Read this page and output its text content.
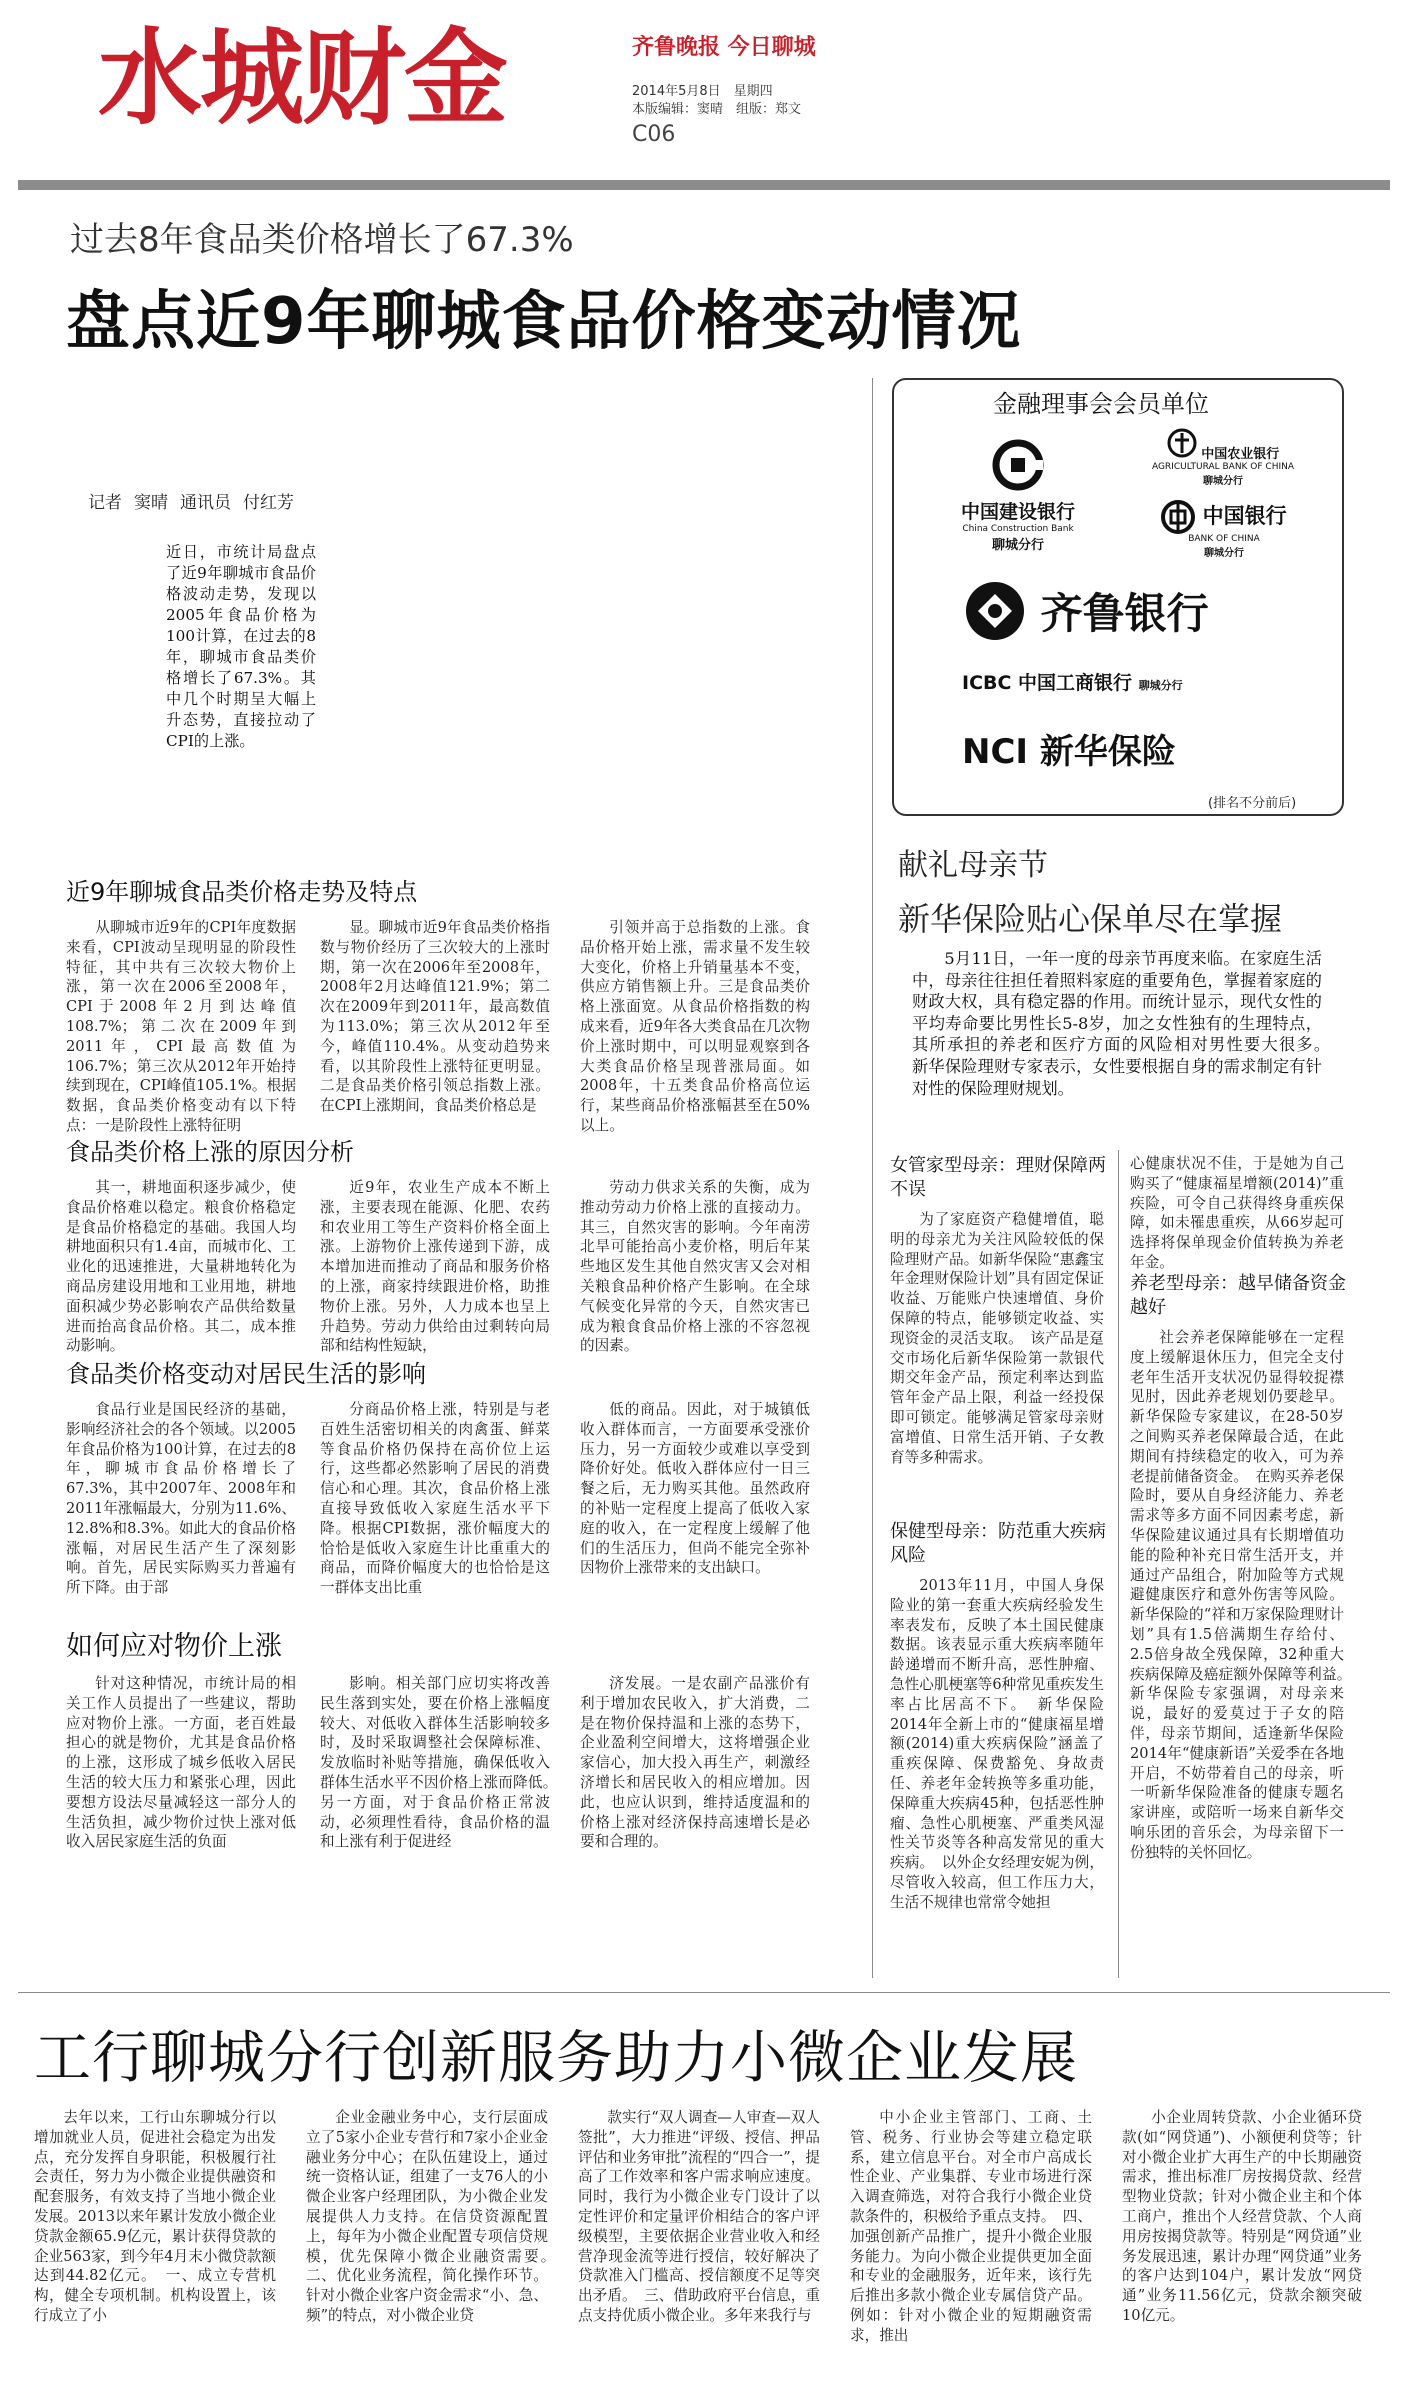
水城财金	齐鲁晚报 今日聊城
2014年5月8日　星期四
本版编辑：窦晴　组版：郑文
C06
过去8年食品类价格增长了67.3%
盘点近9年聊城食品价格变动情况
记者 窦晴 通讯员 付红芳
近日，市统计局盘点了近9年聊城市食品价格波动走势，发现以2005年食品价格为100计算，在过去的8年，聊城市食品类价格增长了67.3%。其中几个时期呈大幅上升态势，直接拉动了CPI的上涨。
金融理事会会员单位
中国农业银行
AGRICULTURAL BANK OF CHINA
聊城分行
中国建设银行
China Construction Bank
聊城分行
中国银行
BANK OF CHINA
聊城分行
齐鲁银行
ICBC 中国工商银行 聊城分行
NCI 新华保险
(排名不分前后)
近9年聊城食品类价格走势及特点
从聊城市近9年的CPI年度数据来看，CPI波动呈现明显的阶段性特征，其中共有三次较大物价上涨，第一次在2006至2008年，CPI于2008年2月到达峰值108.7%；第二次在2009年到2011年，CPI最高数值为106.7%；第三次从2012年开始持续到现在，CPI峰值105.1%。根据数据，食品类价格变动有以下特点：一是阶段性上涨特征明
显。聊城市近9年食品类价格指数与物价经历了三次较大的上涨时期，第一次在2006年至2008年，2008年2月达峰值121.9%；第二次在2009年到2011年，最高数值为113.0%；第三次从2012年至今，峰值110.4%。从变动趋势来看，以其阶段性上涨特征更明显。二是食品类价格引领总指数上涨。在CPI上涨期间，食品类价格总是
引领并高于总指数的上涨。食品价格开始上涨，需求量不发生较大变化，价格上升销量基本不变，供应方销售额上升。三是食品类价格上涨面宽。从食品价格指数的构成来看，近9年各大类食品在几次物价上涨时期中，可以明显观察到各大类食品价格呈现普涨局面。如2008年，十五类食品价格高位运行，某些商品价格涨幅甚至在50%以上。
食品类价格上涨的原因分析
其一，耕地面积逐步减少，使食品价格难以稳定。粮食价格稳定是食品价格稳定的基础。我国人均耕地面积只有1.4亩，而城市化、工业化的迅速推进，大量耕地转化为商品房建设用地和工业用地，耕地面积减少势必影响农产品供给数量进而抬高食品价格。其二，成本推动影响。
近9年，农业生产成本不断上涨，主要表现在能源、化肥、农药和农业用工等生产资料价格全面上涨。上游物价上涨传递到下游，成本增加进而推动了商品和服务价格的上涨，商家持续跟进价格，助推物价上涨。另外，人力成本也呈上升趋势。劳动力供给由过剩转向局部和结构性短缺，
劳动力供求关系的失衡，成为推动劳动力价格上涨的直接动力。其三，自然灾害的影响。今年南涝北旱可能抬高小麦价格，明后年某些地区发生其他自然灾害又会对相关粮食品种价格产生影响。在全球气候变化异常的今天，自然灾害已成为粮食食品价格上涨的不容忽视的因素。
食品类价格变动对居民生活的影响
食品行业是国民经济的基础，影响经济社会的各个领域。以2005年食品价格为100计算，在过去的8年，聊城市食品价格增长了67.3%，其中2007年、2008年和2011年涨幅最大，分别为11.6%、12.8%和8.3%。如此大的食品价格涨幅，对居民生活产生了深刻影响。首先，居民实际购买力普遍有所下降。由于部
分商品价格上涨，特别是与老百姓生活密切相关的肉禽蛋、鲜菜等食品价格仍保持在高价位上运行，这些都必然影响了居民的消费信心和心理。其次，食品价格上涨直接导致低收入家庭生活水平下降。根据CPI数据，涨价幅度大的恰恰是低收入家庭生计比重重大的商品，而降价幅度大的也恰恰是这一群体支出比重
低的商品。因此，对于城镇低收入群体而言，一方面要承受涨价压力，另一方面较少或难以享受到降价好处。低收入群体应付一日三餐之后，无力购买其他。虽然政府的补贴一定程度上提高了低收入家庭的收入，在一定程度上缓解了他们的生活压力，但尚不能完全弥补因物价上涨带来的支出缺口。
如何应对物价上涨
针对这种情况，市统计局的相关工作人员提出了一些建议，帮助应对物价上涨。一方面，老百姓最担心的就是物价，尤其是食品价格的上涨，这形成了城乡低收入居民生活的较大压力和紧张心理，因此要想方设法尽量减轻这一部分人的生活负担，减少物价过快上涨对低收入居民家庭生活的负面
影响。相关部门应切实将改善民生落到实处，要在价格上涨幅度较大、对低收入群体生活影响较多时，及时采取调整社会保障标准、发放临时补贴等措施，确保低收入群体生活水平不因价格上涨而降低。　另一方面，对于食品价格正常波动，必须理性看待，食品价格的温和上涨有利于促进经
济发展。一是农副产品涨价有利于增加农民收入，扩大消费，二是在物价保持温和上涨的态势下，企业盈利空间增大，这将增强企业家信心，加大投入再生产，刺激经济增长和居民收入的相应增加。因此，也应认识到，维持适度温和的价格上涨对经济保持高速增长是必要和合理的。
献礼母亲节
新华保险贴心保单尽在掌握
5月11日，一年一度的母亲节再度来临。在家庭生活中，母亲往往担任着照料家庭的重要角色，掌握着家庭的财政大权，具有稳定器的作用。而统计显示，现代女性的平均寿命要比男性长5-8岁，加之女性独有的生理特点，其所承担的养老和医疗方面的风险相对男性要大很多。　新华保险理财专家表示，女性要根据自身的需求制定有针对性的保险理财规划。
女管家型母亲：理财保障两不误
为了家庭资产稳健增值，聪明的母亲尤为关注风险较低的保险理财产品。如新华保险“惠鑫宝年金理财保险计划”具有固定保证收益、万能账户快速增值、身价保障的特点，能够锁定收益、实现资金的灵活支取。　该产品是趸交市场化后新华保险第一款银代期交年金产品，预定利率达到监管年金产品上限，利益一经投保即可锁定。能够满足管家母亲财富增值、日常生活开销、子女教育等多种需求。
保健型母亲：防范重大疾病风险
2013年11月，中国人身保险业的第一套重大疾病经验发生率表发布，反映了本土国民健康数据。该表显示重大疾病率随年龄递增而不断升高，恶性肿瘤、急性心肌梗塞等6种常见重疾发生率占比居高不下。　新华保险2014年全新上市的“健康福星增额(2014)重大疾病保险”涵盖了重疾保障、保费豁免、身故责任、养老年金转换等多重功能，保障重大疾病45种，包括恶性肿瘤、急性心肌梗塞、严重类风湿性关节炎等各种高发常见的重大疾病。　以外企女经理安妮为例，尽管收入较高，但工作压力大，生活不规律也常常令她担
心健康状况不佳，于是她为自己购买了“健康福星增额(2014)”重疾险，可令自己获得终身重疾保障，如未罹患重疾，从66岁起可选择将保单现金价值转换为养老年金。
养老型母亲：越早储备资金越好
社会养老保障能够在一定程度上缓解退休压力，但完全支付老年生活开支状况仍显得较捉襟见肘，因此养老规划仍要趁早。新华保险专家建议，在28-50岁之间购买养老保障最合适，在此期间有持续稳定的收入，可为养老提前储备资金。　在购买养老保险时，要从自身经济能力、养老需求等多方面不同因素考虑，新华保险建议通过具有长期增值功能的险种补充日常生活开支，并通过产品组合，附加险等方式规避健康医疗和意外伤害等风险。新华保险的“祥和万家保险理财计划”具有1.5倍满期生存给付、2.5倍身故全残保障，32种重大疾病保障及癌症额外保障等利益。　新华保险专家强调，对母亲来说，最好的爱莫过于子女的陪伴，母亲节期间，适逢新华保险2014年“健康新语”关爱季在各地开启，不妨带着自己的母亲，听一听新华保险准备的健康专题名家讲座，或陪听一场来自新华交响乐团的音乐会，为母亲留下一份独特的关怀回忆。
工行聊城分行创新服务助力小微企业发展
去年以来，工行山东聊城分行以增加就业人员，促进社会稳定为出发点，充分发挥自身职能，积极履行社会责任，努力为小微企业提供融资和配套服务，有效支持了当地小微企业发展。2013以来年累计发放小微企业贷款金额65.9亿元，累计获得贷款的企业563家，到今年4月末小微贷款额达到44.82亿元。　一、成立专营机构，健全专项机制。机构设置上，该行成立了小
企业金融业务中心，支行层面成立了5家小企业专营行和7家小企业金融业务分中心；在队伍建设上，通过统一资格认证，组建了一支76人的小微企业客户经理团队，为小微企业发展提供人力支持。在信贷资源配置上，每年为小微企业配置专项信贷规模，优先保障小微企业融资需要。　二、优化业务流程，简化操作环节。针对小微企业客户资金需求“小、急、频”的特点，对小微企业贷
款实行“双人调查—人审查—双人签批”，大力推进“评级、授信、押品评估和业务审批”流程的“四合一”，提高了工作效率和客户需求响应速度。同时，我行为小微企业专门设计了以定性评价和定量评价相结合的客户评级模型，主要依据企业营业收入和经营净现金流等进行授信，较好解决了贷款准入门槛高、授信额度不足等突出矛盾。　三、借助政府平台信息，重点支持优质小微企业。多年来我行与
中小企业主管部门、工商、土管、税务、行业协会等建立稳定联系，建立信息平台。对全市户高成长性企业、产业集群、专业市场进行深入调查筛选，对符合我行小微企业贷款条件的，积极给予重点支持。　四、加强创新产品推广，提升小微企业服务能力。为向小微企业提供更加全面和专业的金融服务，近年来，该行先后推出多款小微企业专属信贷产品。例如：针对小微企业的短期融资需求，推出
小企业周转贷款、小企业循环贷款(如“网贷通”)、小额便利贷等；针对小微企业扩大再生产的中长期融资需求，推出标准厂房按揭贷款、经营型物业贷款；针对小微企业主和个体工商户，推出个人经营贷款、个人商用房按揭贷款等。特别是“网贷通”业务发展迅速，累计办理“网贷通”业务的客户达到104户，累计发放“网贷通”业务11.56亿元，贷款余额突破10亿元。
